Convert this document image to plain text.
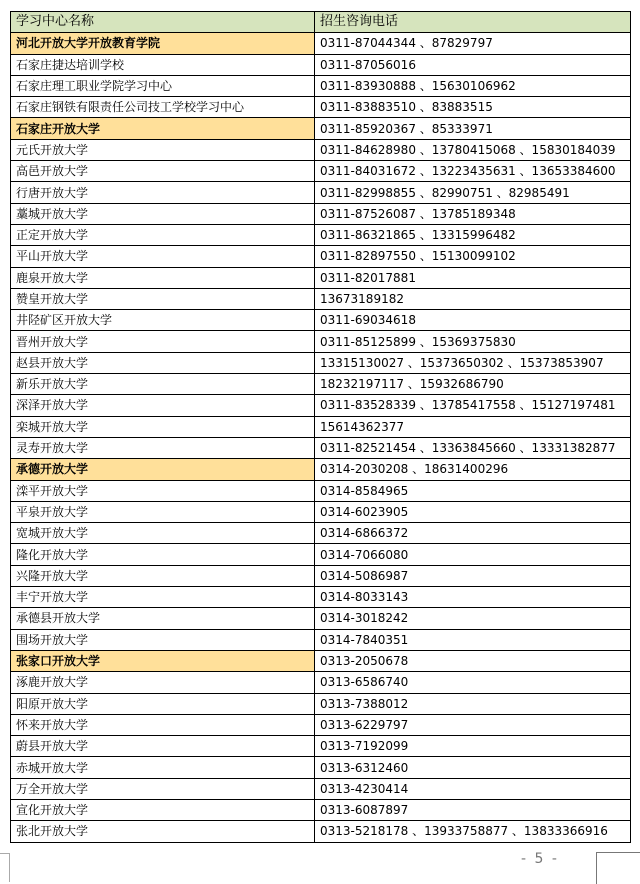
学习中心名称	招生咨询电话
河北开放大学开放教育学院	0311-87044344 、87829797
石家庄捷达培训学校	0311-87056016
石家庄理工职业学院学习中心	0311-83930888 、15630106962
石家庄钢铁有限责任公司技工学校学习中心	0311-83883510 、83883515
石家庄开放大学	0311-85920367 、85333971
元氏开放大学	0311-84628980 、13780415068 、15830184039
高邑开放大学	0311-84031672 、13223435631 、13653384600
行唐开放大学	0311-82998855 、82990751 、82985491
藁城开放大学	0311-87526087 、13785189348
正定开放大学	0311-86321865 、13315996482
平山开放大学	0311-82897550 、15130099102
鹿泉开放大学	0311-82017881
赞皇开放大学	13673189182
井陉矿区开放大学	0311-69034618
晋州开放大学	0311-85125899 、15369375830
赵县开放大学	13315130027 、15373650302 、15373853907
新乐开放大学	18232197117 、15932686790
深泽开放大学	0311-83528339 、13785417558 、15127197481
栾城开放大学	15614362377
灵寿开放大学	0311-82521454 、13363845660 、13331382877
承德开放大学	0314-2030208 、18631400296
滦平开放大学	0314-8584965
平泉开放大学	0314-6023905
宽城开放大学	0314-6866372
隆化开放大学	0314-7066080
兴隆开放大学	0314-5086987
丰宁开放大学	0314-8033143
承德县开放大学	0314-3018242
围场开放大学	0314-7840351
张家口开放大学	0313-2050678
涿鹿开放大学	0313-6586740
阳原开放大学	0313-7388012
怀来开放大学	0313-6229797
蔚县开放大学	0313-7192099
赤城开放大学	0313-6312460
万全开放大学	0313-4230414
宣化开放大学	0313-6087897
张北开放大学	0313-5218178 、13933758877 、13833366916
- 5 -
